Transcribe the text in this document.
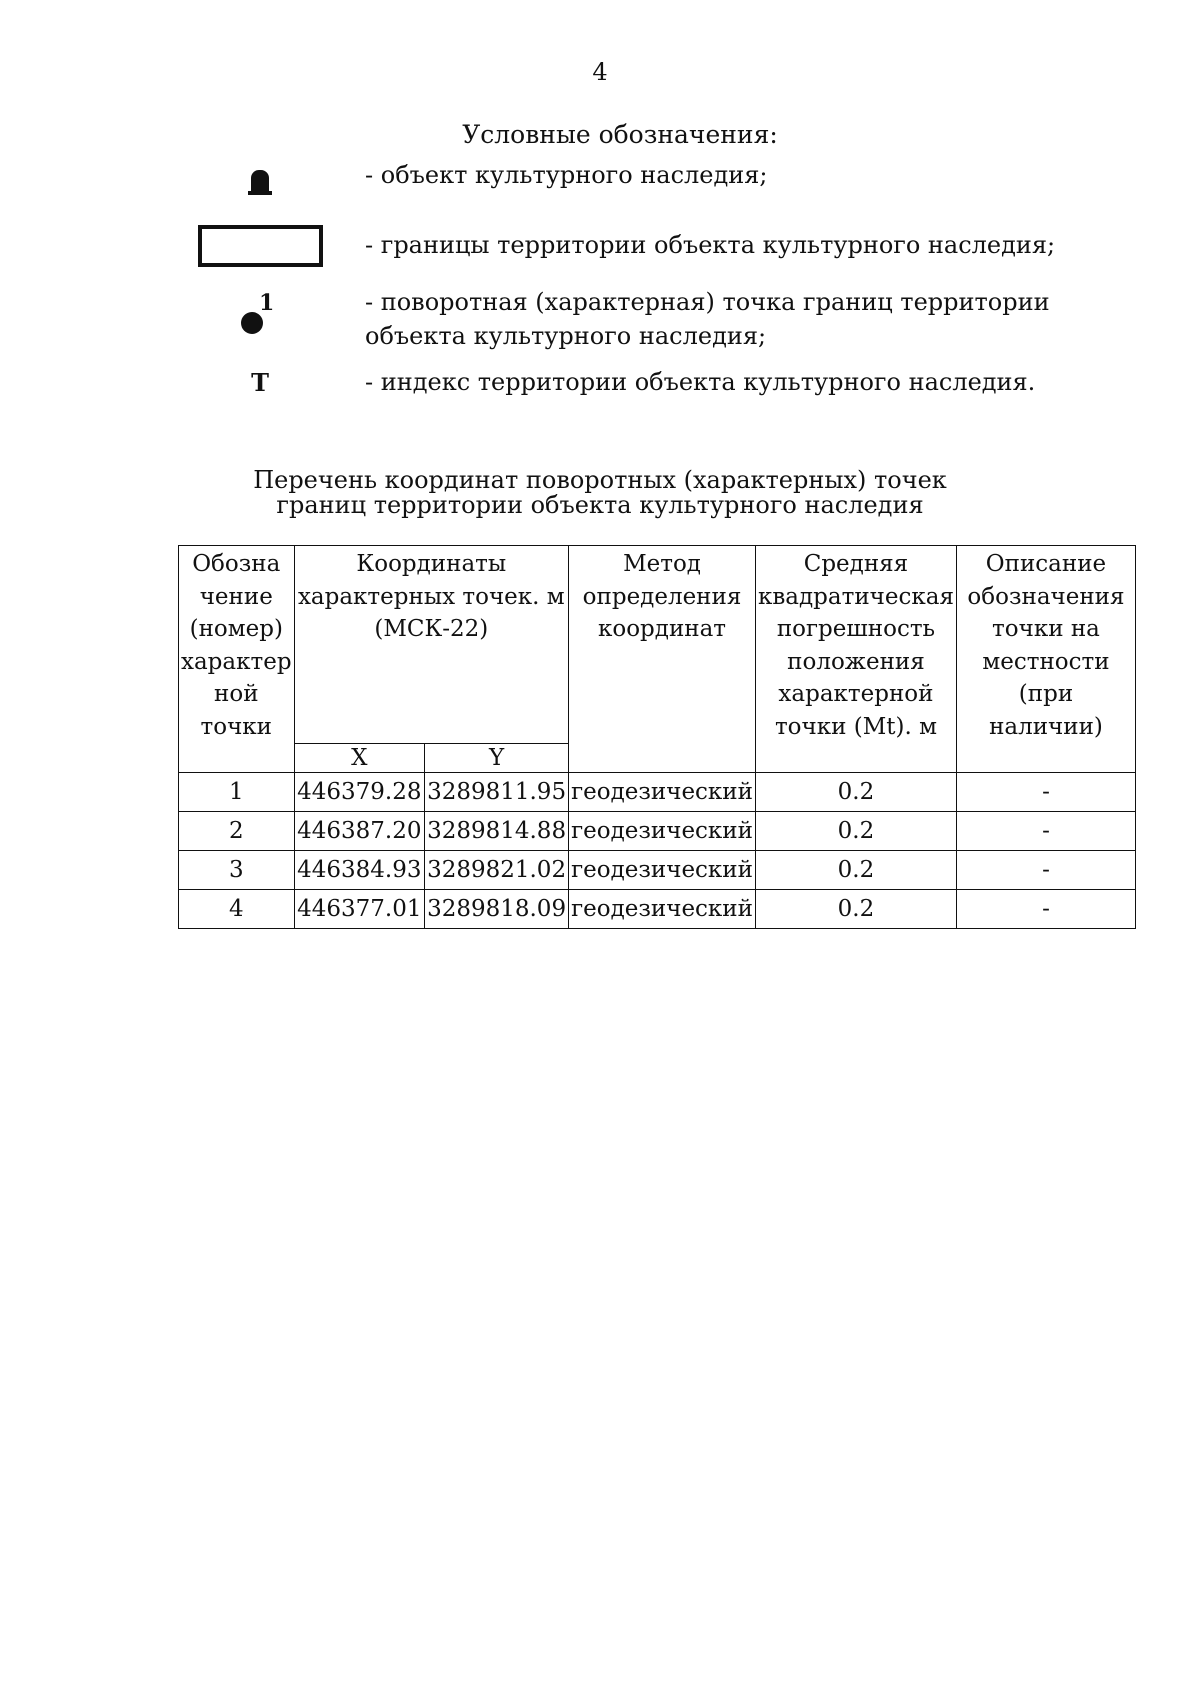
4
Условные обозначения:
- объект культурного наследия;
- границы территории объекта культурного наследия;
1	- поворотная (характерная) точка границ территории объекта культурного наследия;
Т	- индекс территории объекта культурного наследия.
Перечень координат поворотных (характерных) точек
границ территории объекта культурного наследия
Обозна чение (номер) характер ной точки	Координаты характерных точек. м (МСК-22)		Метод определения координат	Средняя квадратическая погрешность положения характерной точки (Mt). м	Описание обозначения точки на местности (при наличии)
	X	Y			
1	446379.28	3289811.95	геодезический	0.2	-
2	446387.20	3289814.88	геодезический	0.2	-
3	446384.93	3289821.02	геодезический	0.2	-
4	446377.01	3289818.09	геодезический	0.2	-
